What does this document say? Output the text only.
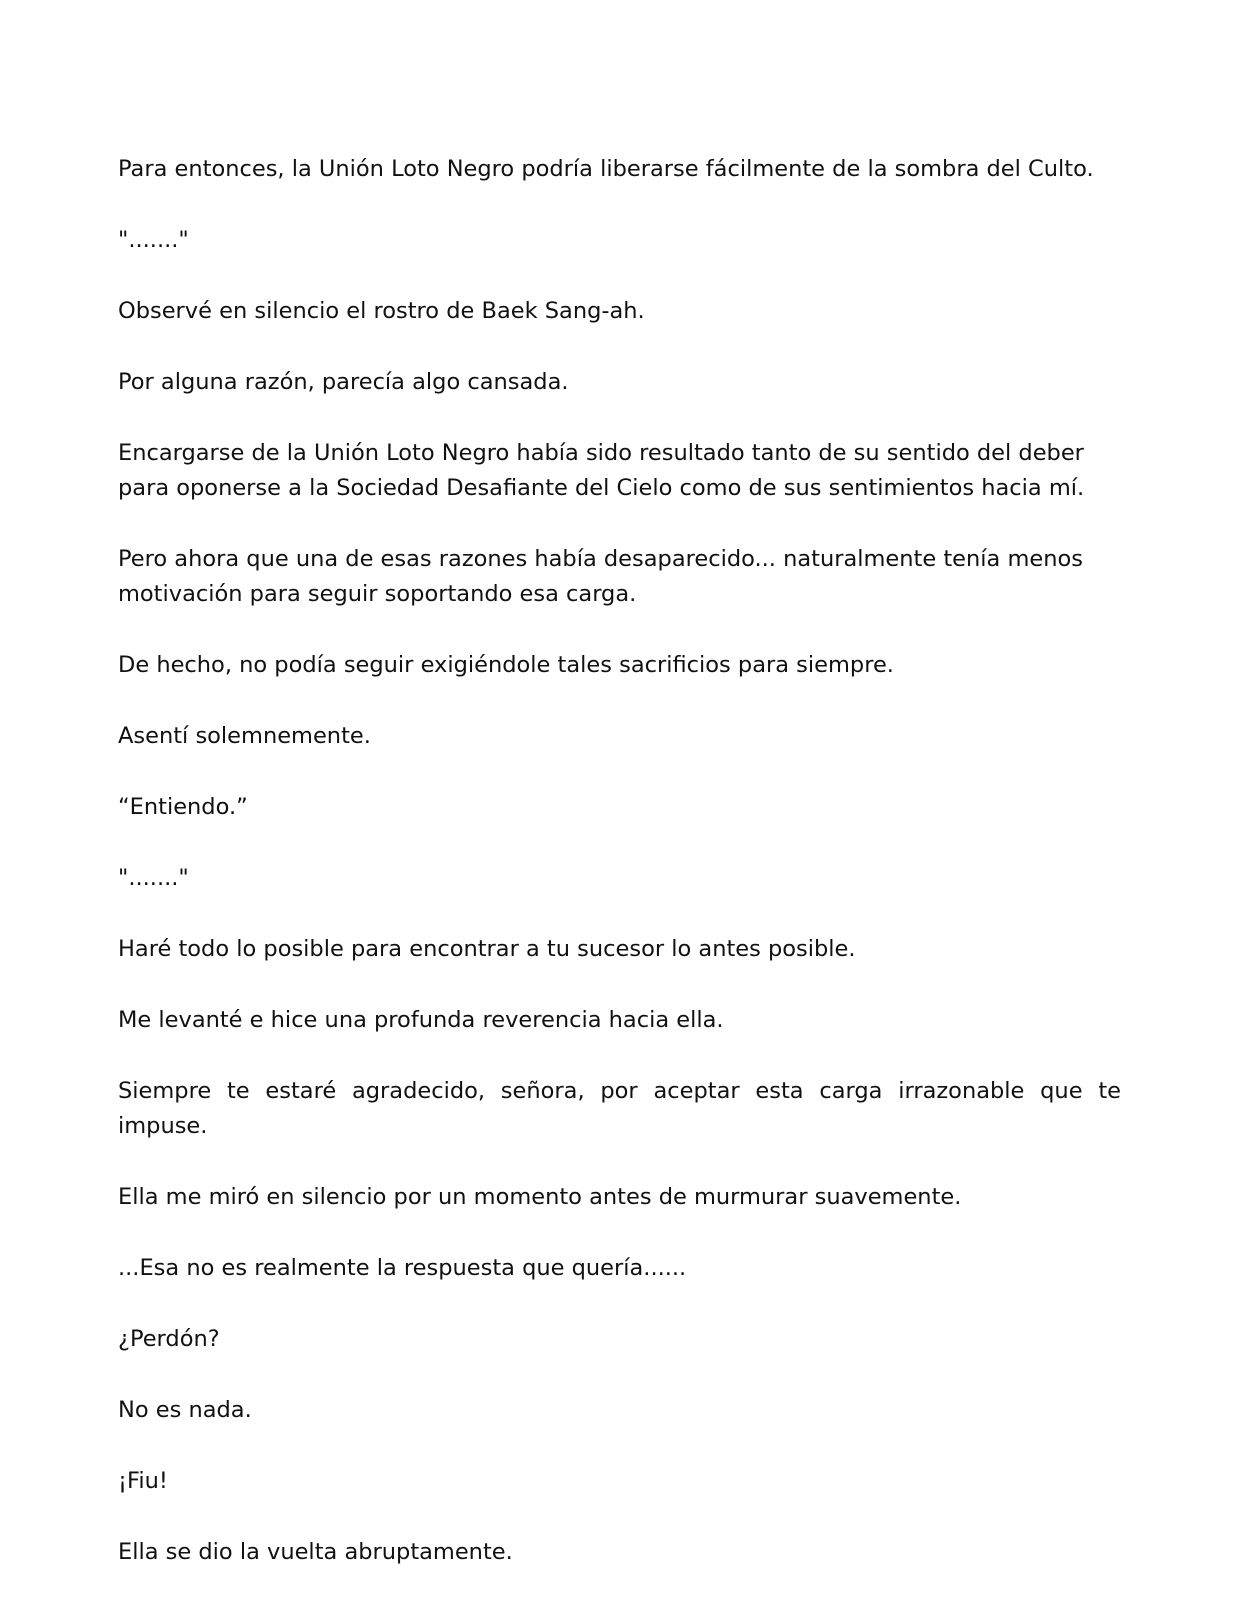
Para entonces, la Unión Loto Negro podría liberarse fácilmente de la sombra del Culto.

"......."

Observé en silencio el rostro de Baek Sang-ah.

Por alguna razón, parecía algo cansada.

Encargarse de la Unión Loto Negro había sido resultado tanto de su sentido del deber para oponerse a la Sociedad Desafiante del Cielo como de sus sentimientos hacia mí.

Pero ahora que una de esas razones había desaparecido... naturalmente tenía menos motivación para seguir soportando esa carga.

De hecho, no podía seguir exigiéndole tales sacrificios para siempre.

Asentí solemnemente.

“Entiendo.”

"......."

Haré todo lo posible para encontrar a tu sucesor lo antes posible.

Me levanté e hice una profunda reverencia hacia ella.

Siempre te estaré agradecido, señora, por aceptar esta carga irrazonable que te impuse.

Ella me miró en silencio por un momento antes de murmurar suavemente.

...Esa no es realmente la respuesta que quería......

¿Perdón?

No es nada.

¡Fiu!

Ella se dio la vuelta abruptamente.
